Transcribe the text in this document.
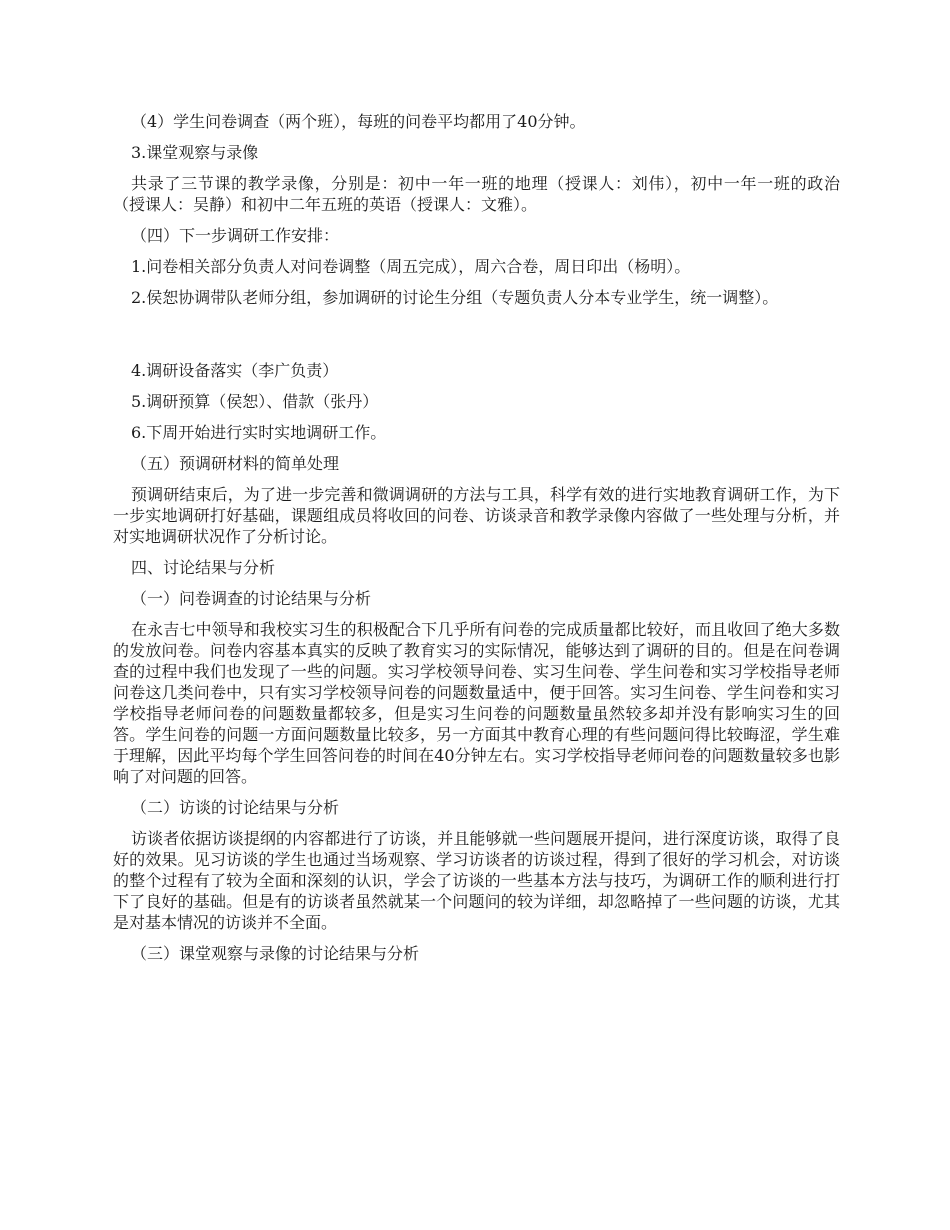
（4）学生问卷调查（两个班），每班的问卷平均都用了40分钟。

3.课堂观察与录像

共录了三节课的教学录像，分别是：初中一年一班的地理（授课人：刘伟），初中一年一班的政治（授课人：吴静）和初中二年五班的英语（授课人：文雅）。

（四）下一步调研工作安排：

1.问卷相关部分负责人对问卷调整（周五完成），周六合卷，周日印出（杨明）。

2.侯恕协调带队老师分组，参加调研的讨论生分组（专题负责人分本专业学生，统一调整）。

4.调研设备落实（李广负责）

5.调研预算（侯恕）、借款（张丹）

6.下周开始进行实时实地调研工作。

（五）预调研材料的简单处理

预调研结束后，为了进一步完善和微调调研的方法与工具，科学有效的进行实地教育调研工作，为下一步实地调研打好基础，课题组成员将收回的问卷、访谈录音和教学录像内容做了一些处理与分析，并对实地调研状况作了分析讨论。

四、讨论结果与分析

（一）问卷调查的讨论结果与分析

在永吉七中领导和我校实习生的积极配合下几乎所有问卷的完成质量都比较好，而且收回了绝大多数的发放问卷。问卷内容基本真实的反映了教育实习的实际情况，能够达到了调研的目的。但是在问卷调查的过程中我们也发现了一些的问题。实习学校领导问卷、实习生问卷、学生问卷和实习学校指导老师问卷这几类问卷中，只有实习学校领导问卷的问题数量适中，便于回答。实习生问卷、学生问卷和实习学校指导老师问卷的问题数量都较多，但是实习生问卷的问题数量虽然较多却并没有影响实习生的回答。学生问卷的问题一方面问题数量比较多，另一方面其中教育心理的有些问题问得比较晦涩，学生难于理解，因此平均每个学生回答问卷的时间在40分钟左右。实习学校指导老师问卷的问题数量较多也影响了对问题的回答。

（二）访谈的讨论结果与分析

访谈者依据访谈提纲的内容都进行了访谈，并且能够就一些问题展开提问，进行深度访谈，取得了良好的效果。见习访谈的学生也通过当场观察、学习访谈者的访谈过程，得到了很好的学习机会，对访谈的整个过程有了较为全面和深刻的认识，学会了访谈的一些基本方法与技巧，为调研工作的顺利进行打下了良好的基础。但是有的访谈者虽然就某一个问题问的较为详细，却忽略掉了一些问题的访谈，尤其是对基本情况的访谈并不全面。

（三）课堂观察与录像的讨论结果与分析
